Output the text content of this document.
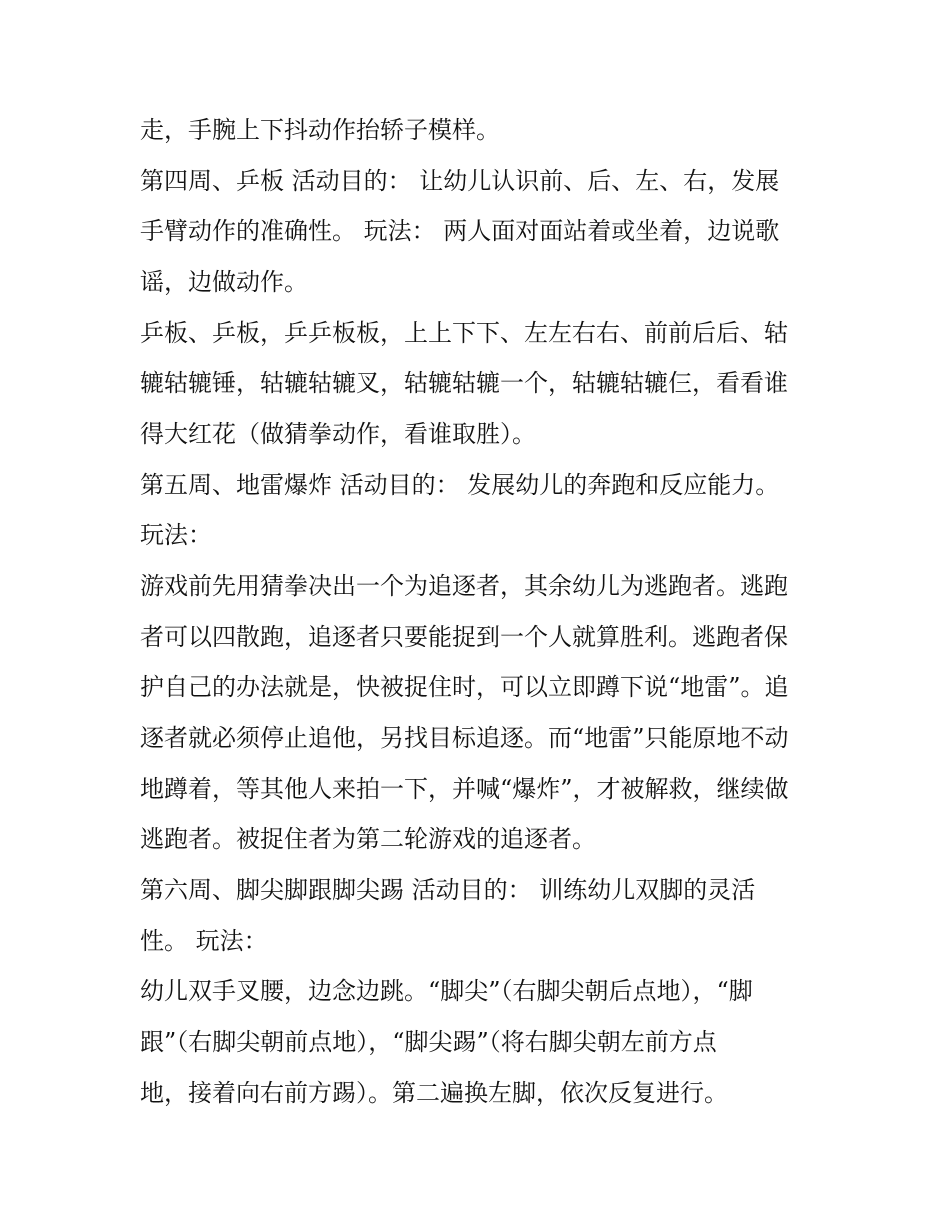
走，手腕上下抖动作抬轿子模样。
第四周、乒板 活动目的： 让幼儿认识前、后、左、右，发展
手臂动作的准确性。 玩法： 两人面对面站着或坐着，边说歌
谣，边做动作。
乒板、乒板，乒乒板板，上上下下、左左右右、前前后后、轱
辘轱辘锤，轱辘轱辘叉，轱辘轱辘一个，轱辘轱辘仨，看看谁
得大红花（做猜拳动作，看谁取胜）。
第五周、地雷爆炸 活动目的： 发展幼儿的奔跑和反应能力。
玩法：
游戏前先用猜拳决出一个为追逐者，其余幼儿为逃跑者。逃跑
者可以四散跑，追逐者只要能捉到一个人就算胜利。逃跑者保
护自己的办法就是，快被捉住时，可以立即蹲下说“地雷”。追
逐者就必须停止追他，另找目标追逐。而“地雷”只能原地不动
地蹲着，等其他人来拍一下，并喊“爆炸”，才被解救，继续做
逃跑者。被捉住者为第二轮游戏的追逐者。
第六周、脚尖脚跟脚尖踢 活动目的： 训练幼儿双脚的灵活
性。 玩法：
幼儿双手叉腰，边念边跳。“脚尖”（右脚尖朝后点地），“脚
跟”（右脚尖朝前点地），“脚尖踢”（将右脚尖朝左前方点
地，接着向右前方踢）。第二遍换左脚，依次反复进行。
